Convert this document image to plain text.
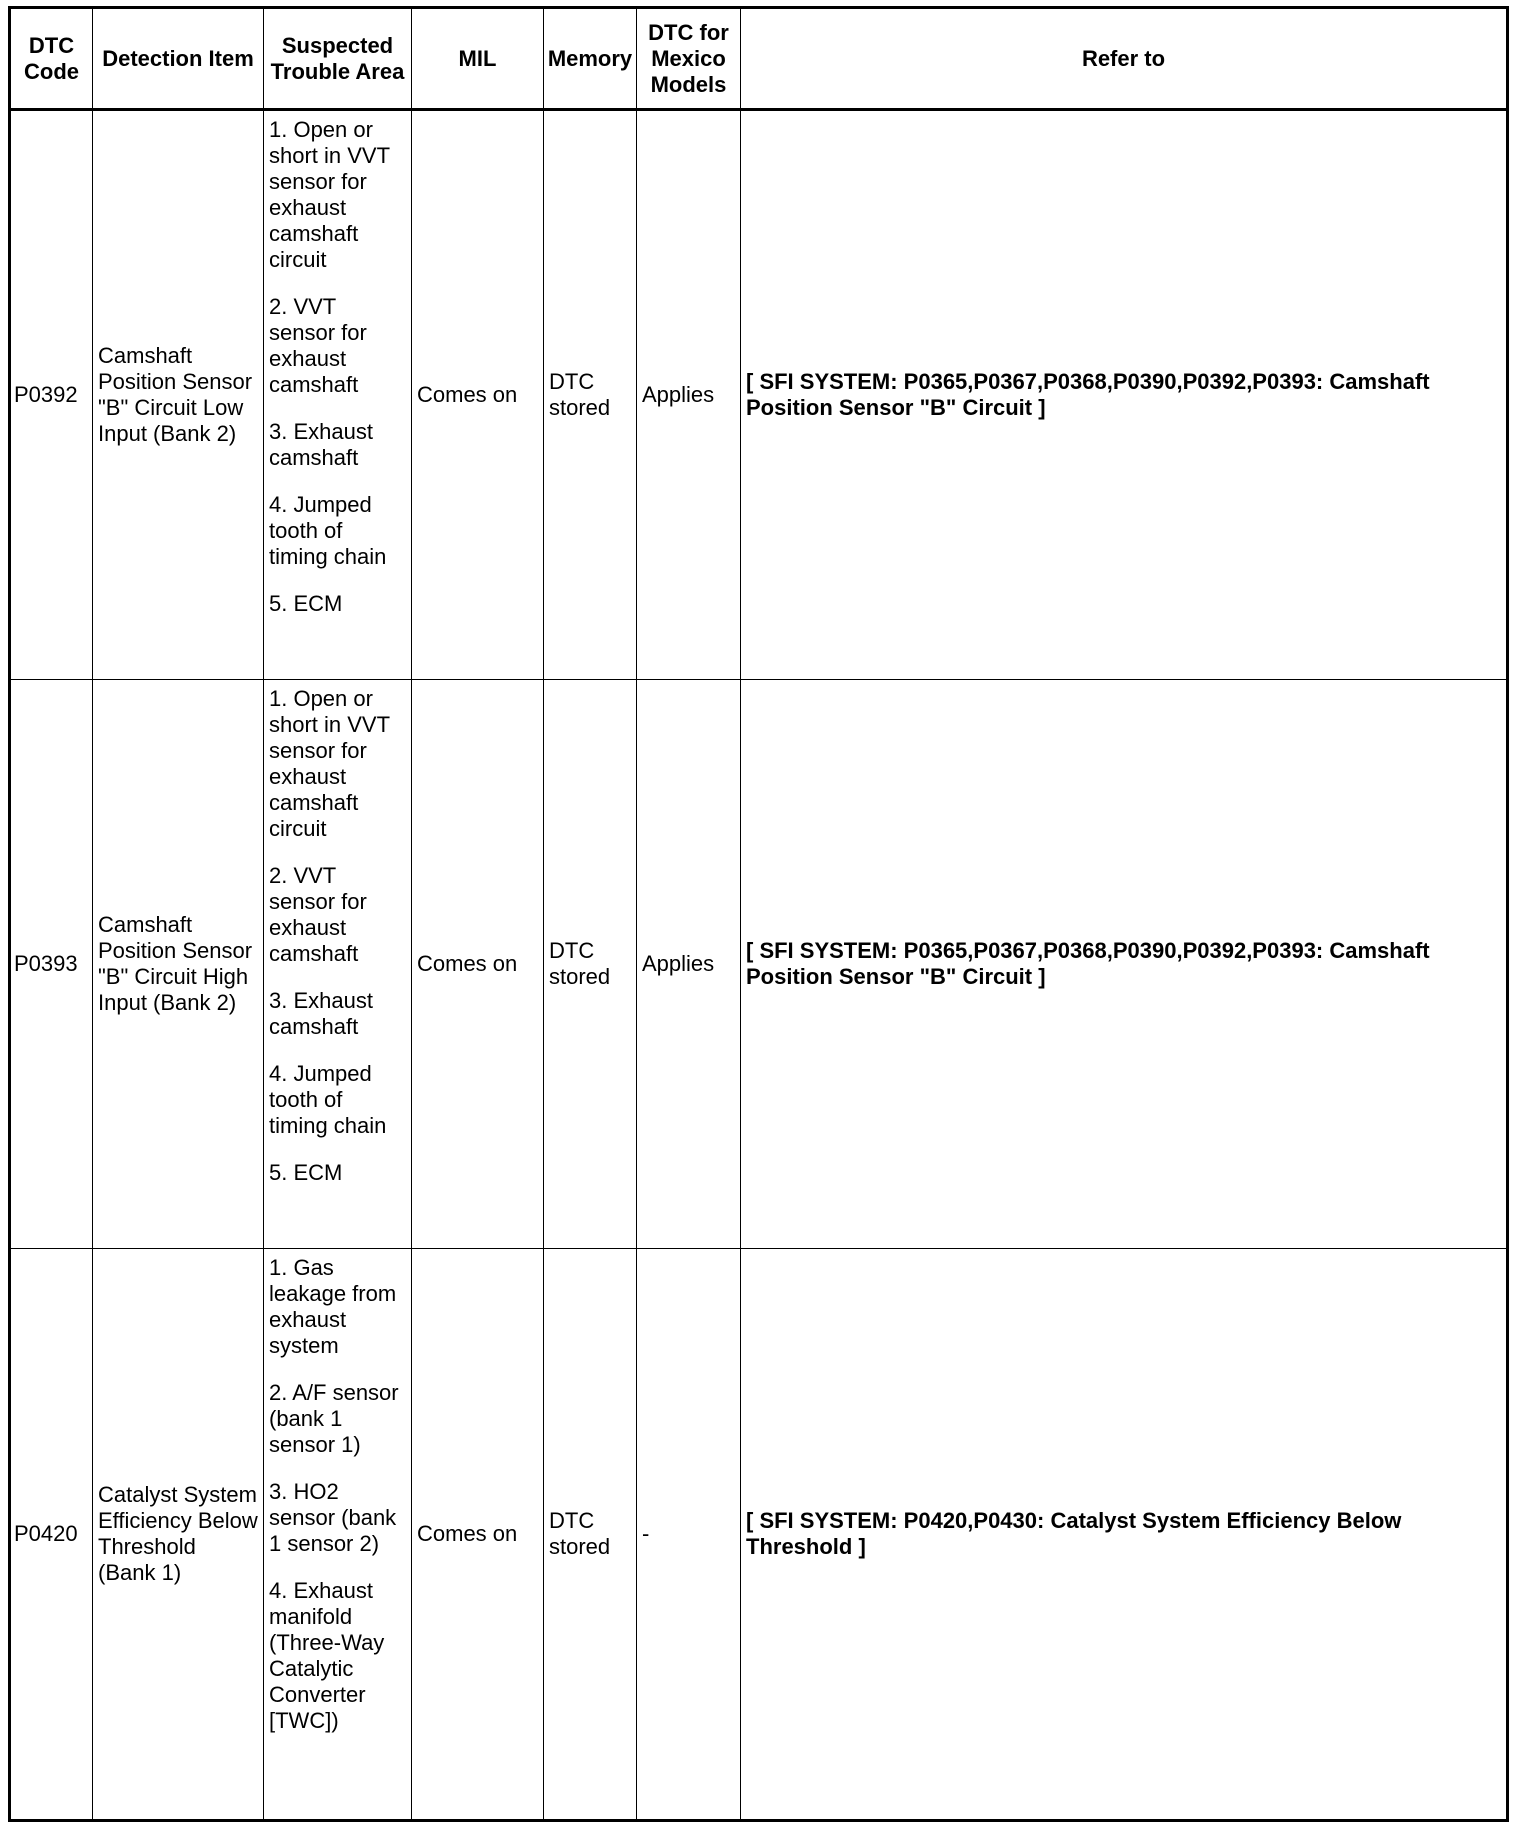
DTC Code	Detection Item	Suspected Trouble Area	MIL	Memory	DTC for Mexico Models	Refer to
P0392	Camshaft Position Sensor "B" Circuit Low Input (Bank 2)	1. Open or short in VVT sensor for exhaust camshaft circuit

2. VVT sensor for exhaust camshaft

3. Exhaust camshaft

4. Jumped tooth of timing chain

5. ECM	Comes on	DTC stored	Applies	[ SFI SYSTEM: P0365,P0367,P0368,P0390,P0392,P0393: Camshaft Position Sensor "B" Circuit ]
P0393	Camshaft Position Sensor "B" Circuit High Input (Bank 2)	1. Open or short in VVT sensor for exhaust camshaft circuit

2. VVT sensor for exhaust camshaft

3. Exhaust camshaft

4. Jumped tooth of timing chain

5. ECM	Comes on	DTC stored	Applies	[ SFI SYSTEM: P0365,P0367,P0368,P0390,P0392,P0393: Camshaft Position Sensor "B" Circuit ]
P0420	Catalyst System Efficiency Below Threshold (Bank 1)	1. Gas leakage from exhaust system

2. A/F sensor (bank 1 sensor 1)

3. HO2 sensor (bank 1 sensor 2)

4. Exhaust manifold (Three-Way Catalytic Converter [TWC])	Comes on	DTC stored	-	[ SFI SYSTEM: P0420,P0430: Catalyst System Efficiency Below Threshold ]
